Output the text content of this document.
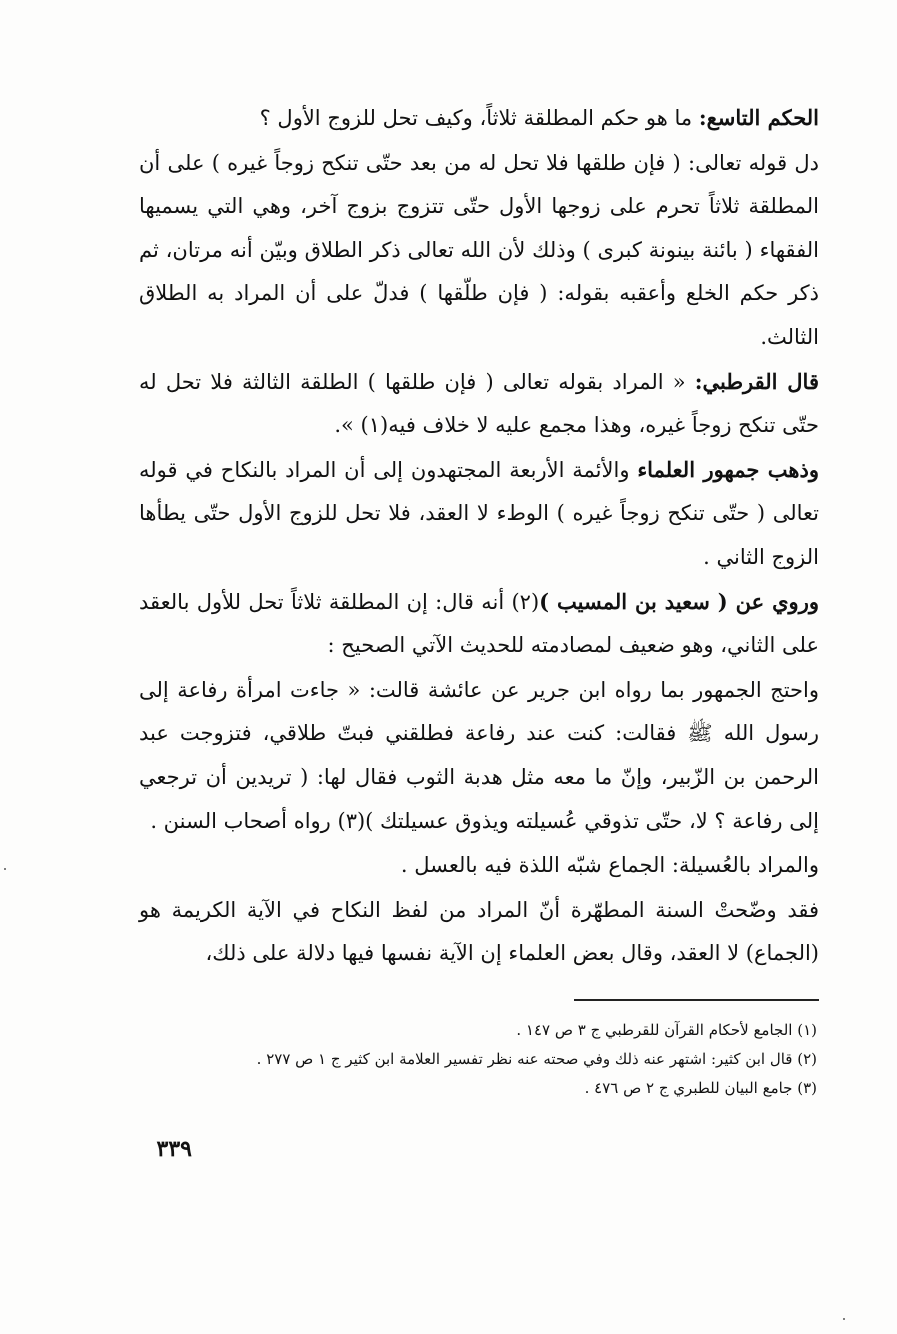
الحكم التاسع: ما هو حكم المطلقة ثلاثاً، وكيف تحل للزوج الأول ؟

دل قوله تعالى: ( فإن طلقها فلا تحل له من بعد حتّى تنكح زوجاً غيره ) على أن المطلقة ثلاثاً تحرم على زوجها الأول حتّى تتزوج بزوج آخر، وهي التي يسميها الفقهاء ( بائنة بينونة كبرى ) وذلك لأن الله تعالى ذكر الطلاق وبيّن أنه مرتان، ثم ذكر حكم الخلع وأعقبه بقوله: ( فإن طلّقها ) فدلّ على أن المراد به الطلاق الثالث.

قال القرطبي: « المراد بقوله تعالى ( فإن طلقها ) الطلقة الثالثة فلا تحل له حتّى تنكح زوجاً غيره، وهذا مجمع عليه لا خلاف فيه(١) ».

وذهب جمهور العلماء والأئمة الأربعة المجتهدون إلى أن المراد بالنكاح في قوله تعالى ( حتّى تنكح زوجاً غيره ) الوطء لا العقد، فلا تحل للزوج الأول حتّى يطأها الزوج الثاني .

وروي عن ( سعيد بن المسيب )(٢) أنه قال: إن المطلقة ثلاثاً تحل للأول بالعقد على الثاني، وهو ضعيف لمصادمته للحديث الآتي الصحيح :

واحتج الجمهور بما رواه ابن جرير عن عائشة قالت: « جاءت امرأة رفاعة إلى رسول الله ﷺ فقالت: كنت عند رفاعة فطلقني فبتّ طلاقي، فتزوجت عبد الرحمن بن الزّبير، وإنّ ما معه مثل هدبة الثوب فقال لها: ( تريدين أن ترجعي إلى رفاعة ؟ لا، حتّى تذوقي عُسيلته ويذوق عسيلتك )(٣) رواه أصحاب السنن .

والمراد بالعُسيلة: الجماع شبّه اللذة فيه بالعسل .

فقد وضّحتْ السنة المطهّرة أنّ المراد من لفظ النكاح في الآية الكريمة هو (الجماع) لا العقد، وقال بعض العلماء إن الآية نفسها فيها دلالة على ذلك،

(١) الجامع لأحكام القرآن للقرطبي ج ٣ ص ١٤٧ .

(٢) قال ابن كثير: اشتهر عنه ذلك وفي صحته عنه نظر تفسير العلامة ابن كثير ج ١ ص ٢٧٧ .

(٣) جامع البيان للطبري ج ٢ ص ٤٧٦ .

٣٣٩
